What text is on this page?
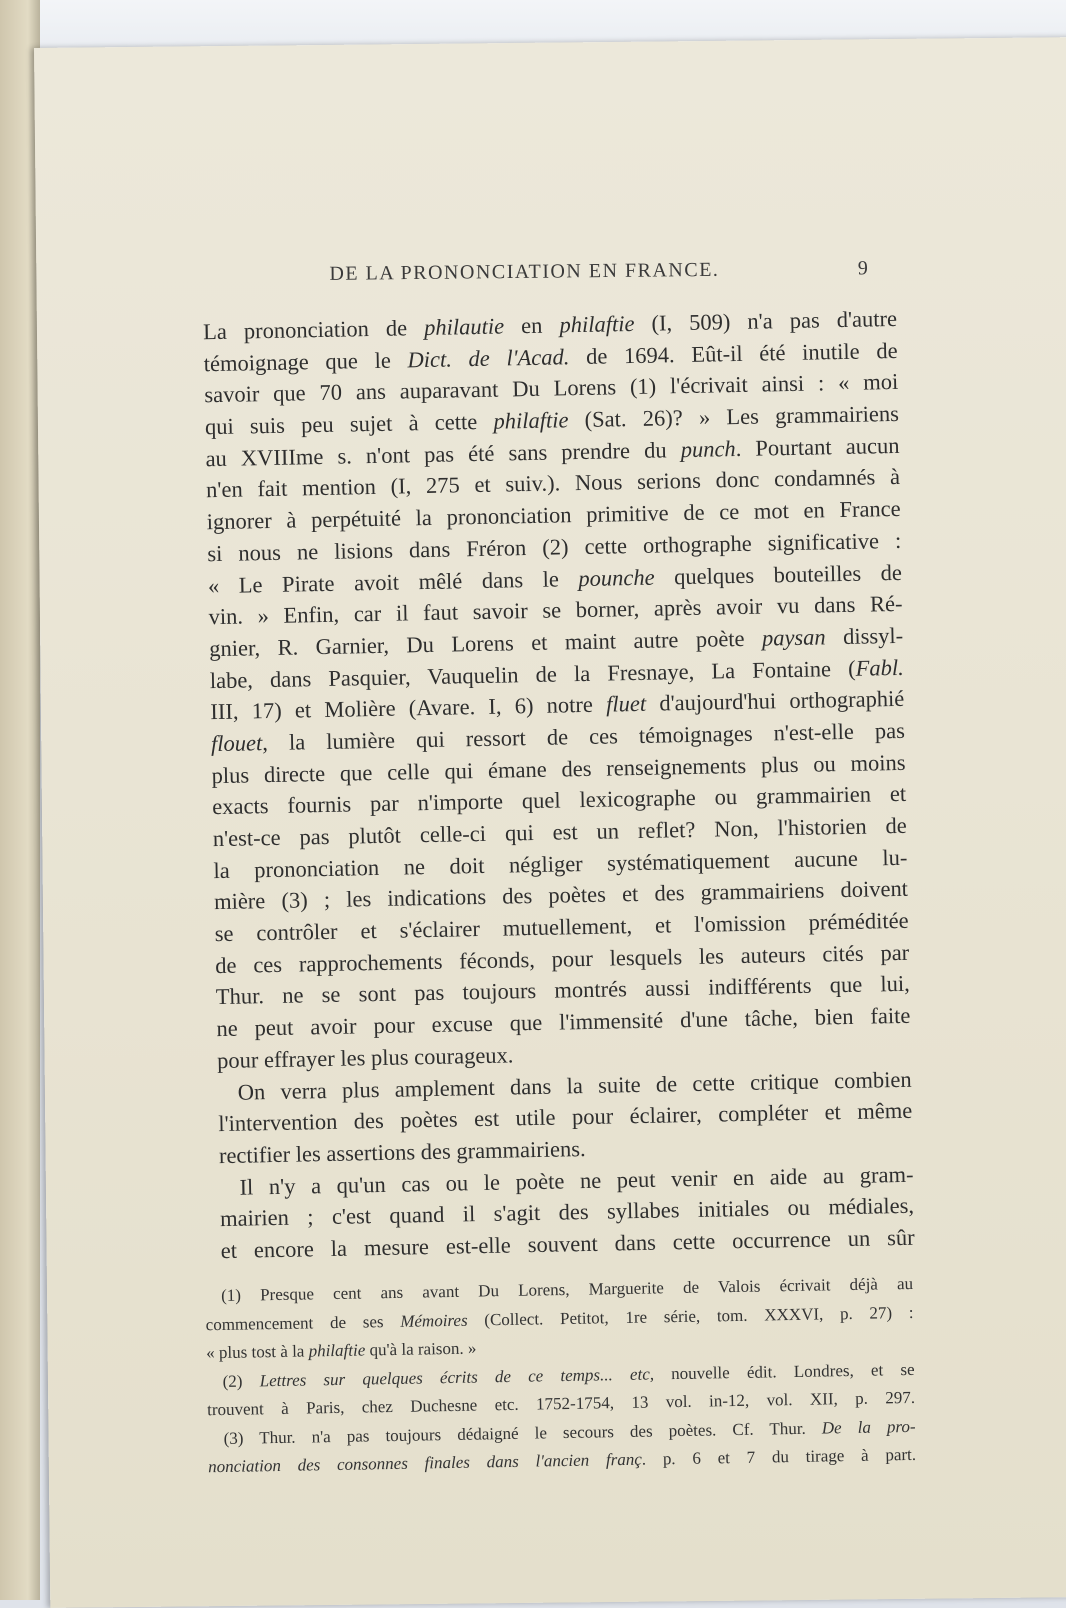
DE LA PRONONCIATION EN FRANCE.	9
La prononciation de philautie en philaftie (I, 509) n'a pas d'autre
témoignage que le Dict. de l'Acad. de 1694. Eût-il été inutile de
savoir que 70 ans auparavant Du Lorens (1) l'écrivait ainsi : « moi
qui suis peu sujet à cette philaftie (Sat. 26)? » Les grammairiens
au XVIIIme s. n'ont pas été sans prendre du punch. Pourtant aucun
n'en fait mention (I, 275 et suiv.). Nous serions donc condamnés à
ignorer à perpétuité la prononciation primitive de ce mot en France
si nous ne lisions dans Fréron (2) cette orthographe significative :
« Le Pirate avoit mêlé dans le pounche quelques bouteilles de
vin. » Enfin, car il faut savoir se borner, après avoir vu dans Ré-
gnier, R. Garnier, Du Lorens et maint autre poète paysan dissyl-
labe, dans Pasquier, Vauquelin de la Fresnaye, La Fontaine (Fabl.
III, 17) et Molière (Avare. I, 6) notre fluet d'aujourd'hui orthographié
flouet, la lumière qui ressort de ces témoignages n'est-elle pas
plus directe que celle qui émane des renseignements plus ou moins
exacts fournis par n'importe quel lexicographe ou grammairien et
n'est-ce pas plutôt celle-ci qui est un reflet? Non, l'historien de
la prononciation ne doit négliger systématiquement aucune lu-
mière (3) ; les indications des poètes et des grammairiens doivent
se contrôler et s'éclairer mutuellement, et l'omission préméditée
de ces rapprochements féconds, pour lesquels les auteurs cités par
Thur. ne se sont pas toujours montrés aussi indifférents que lui,
ne peut avoir pour excuse que l'immensité d'une tâche, bien faite
pour effrayer les plus courageux.
On verra plus amplement dans la suite de cette critique combien
l'intervention des poètes est utile pour éclairer, compléter et même
rectifier les assertions des grammairiens.
Il n'y a qu'un cas ou le poète ne peut venir en aide au gram-
mairien ; c'est quand il s'agit des syllabes initiales ou médiales,
et encore la mesure est-elle souvent dans cette occurrence un sûr
(1) Presque cent ans avant Du Lorens, Marguerite de Valois écrivait déjà au
commencement de ses Mémoires (Collect. Petitot, 1re série, tom. XXXVI, p. 27) :
« plus tost à la philaftie qu'à la raison. »
(2) Lettres sur quelques écrits de ce temps... etc, nouvelle édit. Londres, et se
trouvent à Paris, chez Duchesne etc. 1752-1754, 13 vol. in-12, vol. XII, p. 297.
(3) Thur. n'a pas toujours dédaigné le secours des poètes. Cf. Thur. De la pro-
nonciation des consonnes finales dans l'ancien franç. p. 6 et 7 du tirage à part.
